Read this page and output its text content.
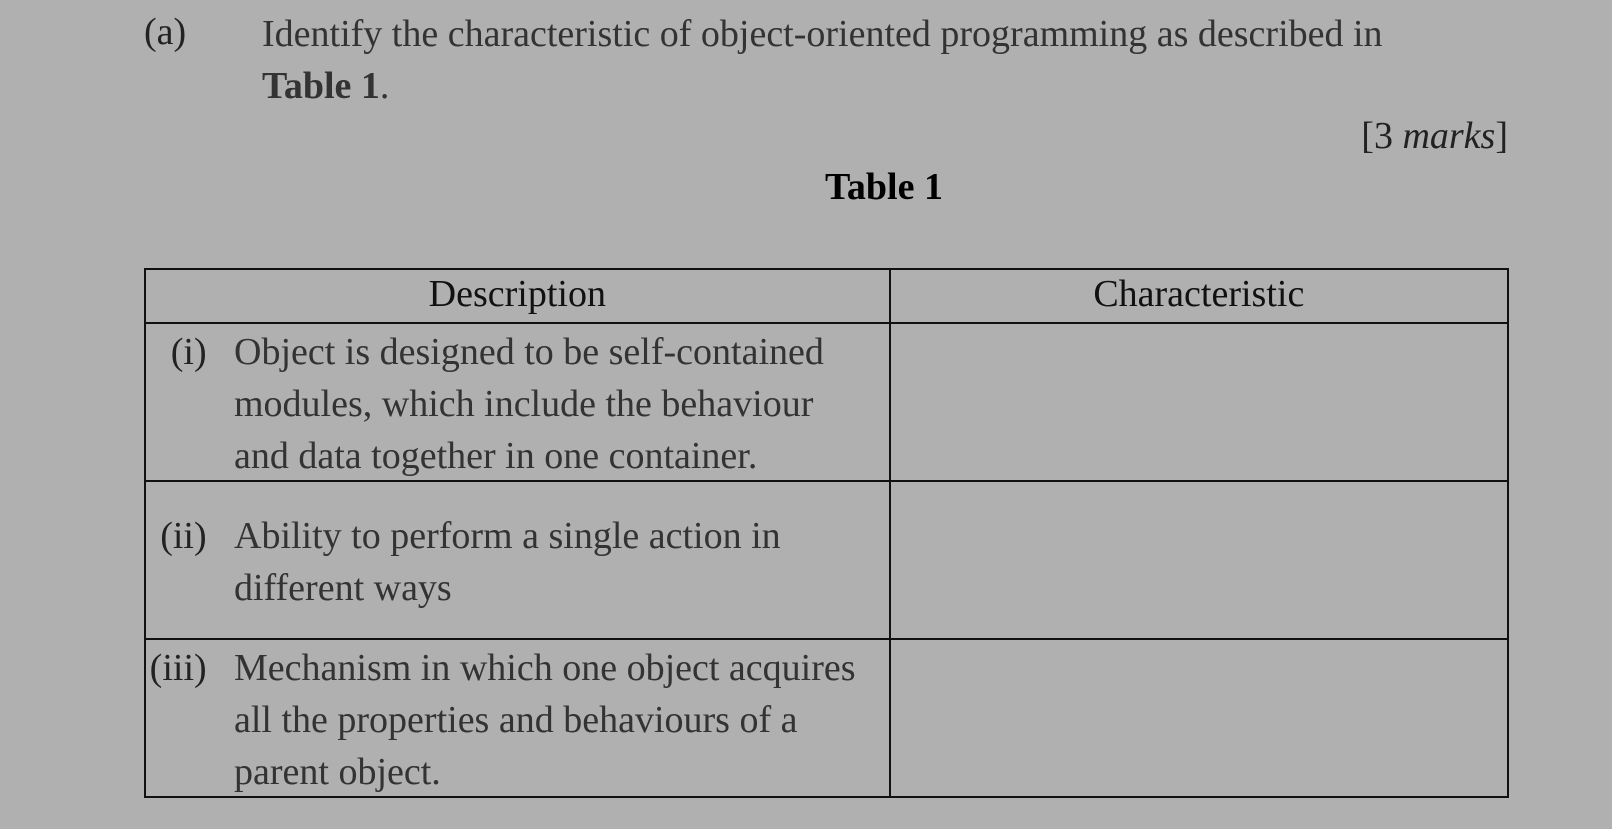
(a) Identify the characteristic of object-oriented programming as described in
Table 1.
[3 marks]
Table 1
Description	Characteristic

(i) Object is designed to be self-contained modules, which include the behaviour and data together in one container.	

(ii) Ability to perform a single action in different ways	

(iii) Mechanism in which one object acquires all the properties and behaviours of a parent object.	
